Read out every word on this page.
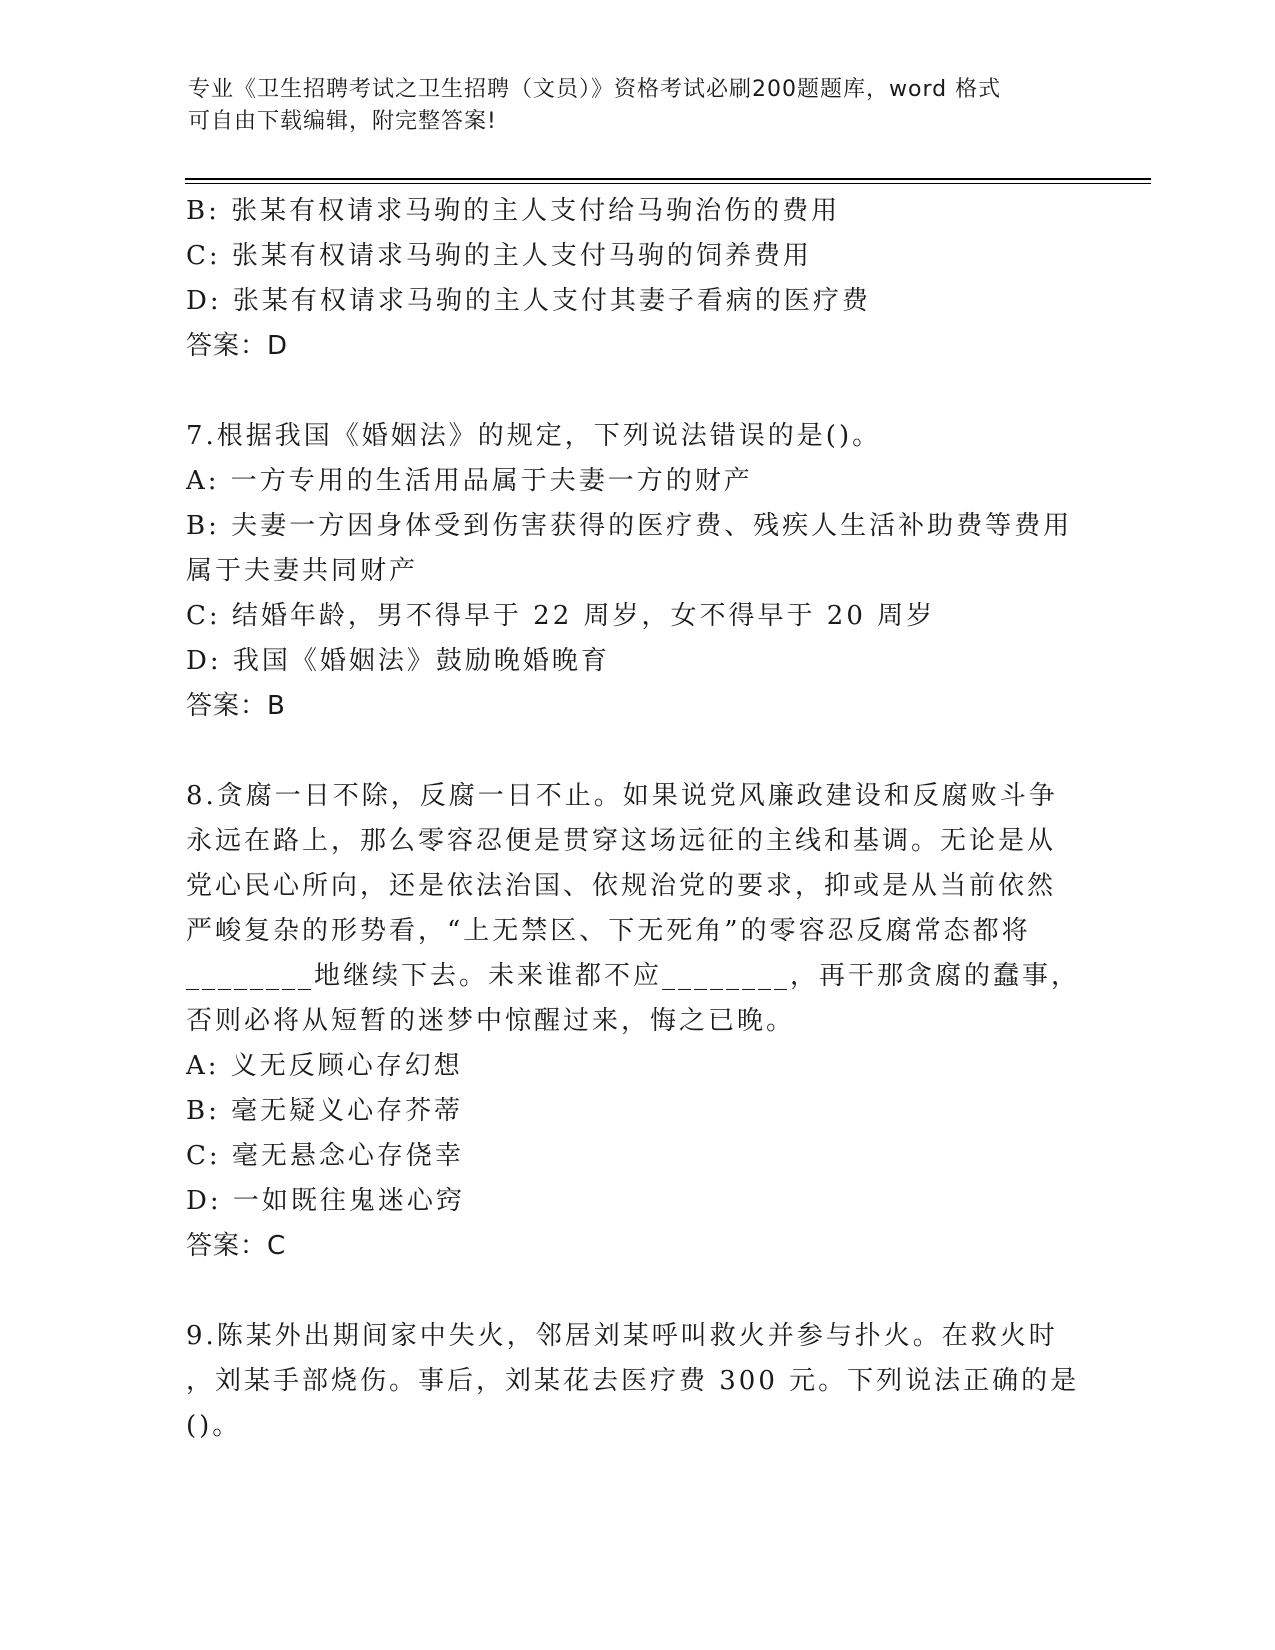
专业《卫生招聘考试之卫生招聘（文员）》资格考试必刷200题题库，word 格式
可自由下载编辑，附完整答案!
B: 张某有权请求马驹的主人支付给马驹治伤的费用
C: 张某有权请求马驹的主人支付马驹的饲养费用
D: 张某有权请求马驹的主人支付其妻子看病的医疗费
答案：D
7.根据我国《婚姻法》的规定，下列说法错误的是()。
A: 一方专用的生活用品属于夫妻一方的财产
B: 夫妻一方因身体受到伤害获得的医疗费、残疾人生活补助费等费用
属于夫妻共同财产
C: 结婚年龄，男不得早于 22 周岁，女不得早于 20 周岁
D: 我国《婚姻法》鼓励晚婚晚育
答案：B
8.贪腐一日不除，反腐一日不止。如果说党风廉政建设和反腐败斗争
永远在路上，那么零容忍便是贯穿这场远征的主线和基调。无论是从
党心民心所向，还是依法治国、依规治党的要求，抑或是从当前依然
严峻复杂的形势看，“上无禁区、下无死角”的零容忍反腐常态都将
________地继续下去。未来谁都不应________，再干那贪腐的蠢事，
否则必将从短暂的迷梦中惊醒过来，悔之已晚。
A: 义无反顾心存幻想
B: 毫无疑义心存芥蒂
C: 毫无悬念心存侥幸
D: 一如既往鬼迷心窍
答案：C
9.陈某外出期间家中失火，邻居刘某呼叫救火并参与扑火。在救火时
，刘某手部烧伤。事后，刘某花去医疗费 300 元。下列说法正确的是
()。
